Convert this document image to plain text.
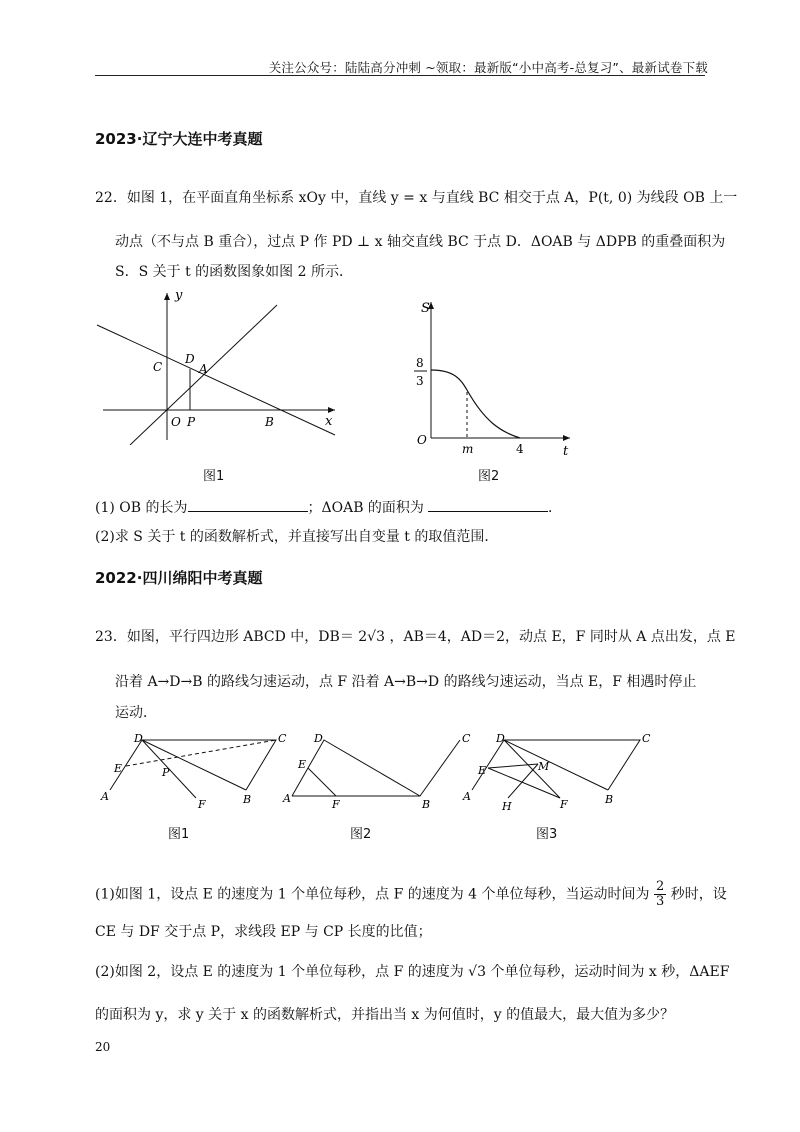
关注公众号：陆陆高分冲刺 ~领取：最新版“小中高考-总复习”、最新试卷下载
2023·辽宁大连中考真题
22．如图 1，在平面直角坐标系 xOy 中，直线 y = x 与直线 BC 相交于点 A，P(t, 0) 为线段 OB 上一
动点（不与点 B 重合），过点 P 作 PD ⊥ x 轴交直线 BC 于点 D．ΔOAB 与 ΔDPB 的重叠面积为
S．S 关于 t 的函数图象如图 2 所示．
y
x
C
D
A
O P	B
图1
S
8
3
O
m	4	t
图2
(1) OB 的长为	；ΔOAB 的面积为	．
(2)求 S 关于 t 的函数解析式，并直接写出自变量 t 的取值范围．
2022·四川绵阳中考真题
23．如图，平行四边形 ABCD 中，DB＝ 2√3 ，AB＝4，AD＝2，动点 E，F 同时从 A 点出发，点 E
沿着 A→D→B 的路线匀速运动，点 F 沿着 A→B→D 的路线匀速运动，当点 E，F 相遇时停止
运动．
D	C
E	P
A
F	B
图1
D	C
E
A	F	B
图2
D	C
E	M
A
H	F	B
图3
(1)如图 1，设点 E 的速度为 1 个单位每秒，点 F 的速度为 4 个单位每秒，当运动时间为 $\frac{2}{3}$ 秒时，设
CE 与 DF 交于点 P，求线段 EP 与 CP 长度的比值；
(2)如图 2，设点 E 的速度为 1 个单位每秒，点 F 的速度为 √3 个单位每秒，运动时间为 x 秒，ΔAEF
的面积为 y，求 y 关于 x 的函数解析式，并指出当 x 为何值时，y 的值最大，最大值为多少？
20
